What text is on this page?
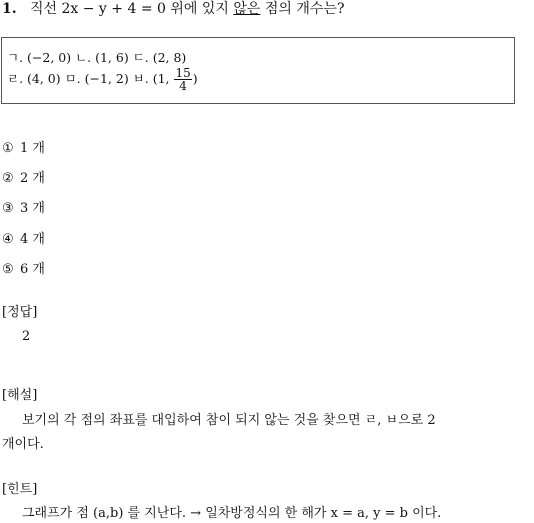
1. 직선 2x − y + 4 = 0 위에 있지 않은 점의 개수는?
ㄱ. (−2, 0) ㄴ. (1, 6) ㄷ. (2, 8)
ㄹ. (4, 0) ㅁ. (−1, 2) ㅂ. (1, $\frac{15}{4}$ )
① 1 개
② 2 개
③ 3 개
④ 4 개
⑤ 6 개
[정답]
2
[해설]
보기의 각 점의 좌표를 대입하여 참이 되지 않는 것을 찾으면 ㄹ, ㅂ으로 2
개이다.
[힌트]
그래프가 점 (a,b) 를 지난다. → 일차방정식의 한 해가 x = a, y = b 이다.
